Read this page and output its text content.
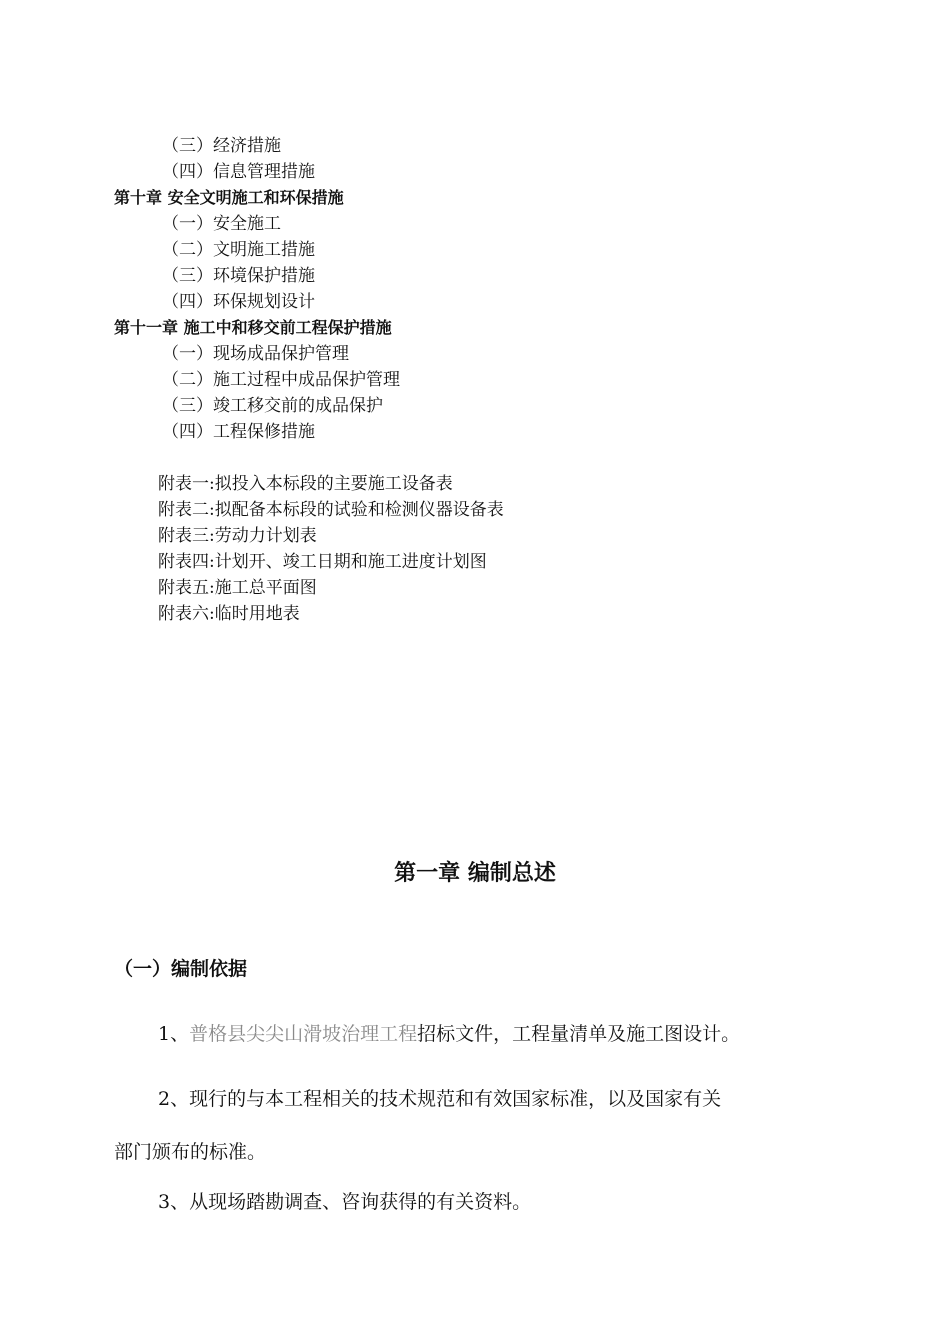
（三）经济措施
（四）信息管理措施
第十章 安全文明施工和环保措施
（一）安全施工
（二）文明施工措施
（三）环境保护措施
（四）环保规划设计
第十一章 施工中和移交前工程保护措施
（一）现场成品保护管理
（二）施工过程中成品保护管理
（三）竣工移交前的成品保护
（四）工程保修措施
附表一:拟投入本标段的主要施工设备表
附表二:拟配备本标段的试验和检测仪器设备表
附表三:劳动力计划表
附表四:计划开、竣工日期和施工进度计划图
附表五:施工总平面图
附表六:临时用地表
第一章 编制总述
（一）编制依据
1、普格县尖尖山滑坡治理工程招标文件，工程量清单及施工图设计。
2、现行的与本工程相关的技术规范和有效国家标准，以及国家有关
部门颁布的标准。
3、从现场踏勘调查、咨询获得的有关资料。
